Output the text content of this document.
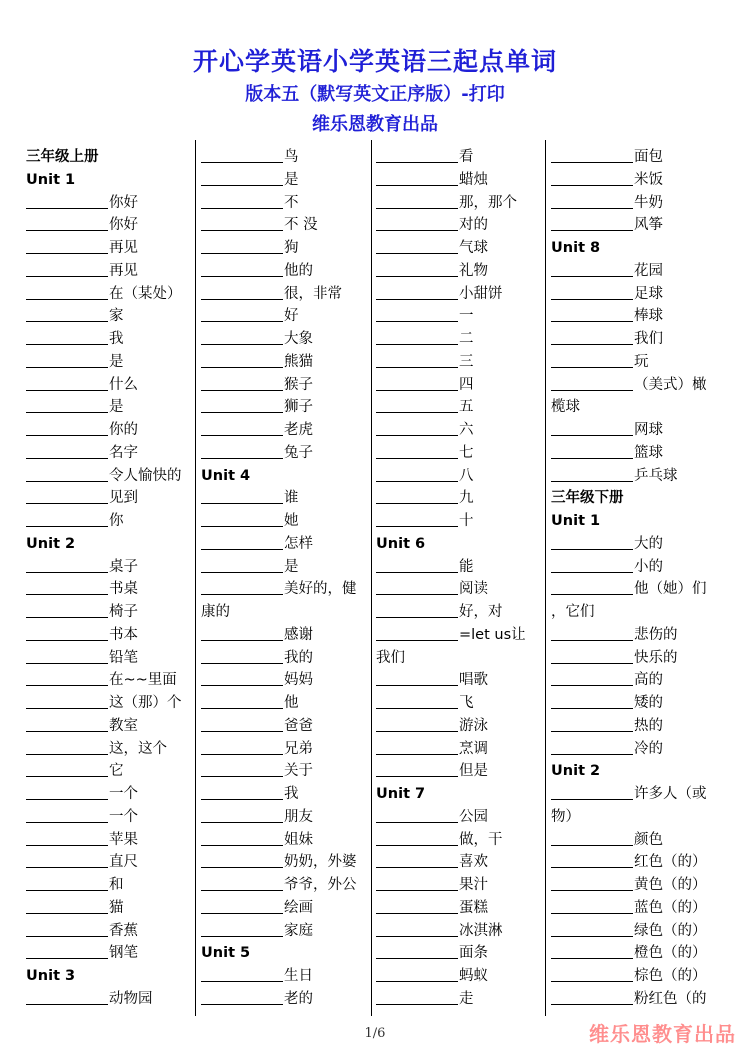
开心学英语小学英语三起点单词
版本五（默写英文正序版）-打印
维乐恩教育出品
三年级上册
Unit 1
你好
你好
再见
再见
在（某处）
家
我
是
什么
是
你的
名字
令人愉快的
见到
你
Unit 2
桌子
书桌
椅子
书本
铅笔
在~~里面
这（那）个
教室
这，这个
它
一个
一个
苹果
直尺
和
猫
香蕉
钢笔
Unit 3
动物园
鸟
是
不
不 没
狗
他的
很，非常
好
大象
熊猫
猴子
狮子
老虎
兔子
Unit 4
谁
她
怎样
是
美好的，健
康的
感谢
我的
妈妈
他
爸爸
兄弟
关于
我
朋友
姐妹
奶奶，外婆
爷爷，外公
绘画
家庭
Unit 5
生日
老的
看
蜡烛
那，那个
对的
气球
礼物
小甜饼
一
二
三
四
五
六
七
八
九
十
Unit 6
能
阅读
好，对
=let us让
我们
唱歌
飞
游泳
烹调
但是
Unit 7
公园
做，干
喜欢
果汁
蛋糕
冰淇淋
面条
蚂蚁
走
面包
米饭
牛奶
风筝
Unit 8
花园
足球
棒球
我们
玩
（美式）橄
榄球
网球
篮球
乒乓球
三年级下册
Unit 1
大的
小的
他（她）们
，它们
悲伤的
快乐的
高的
矮的
热的
冷的
Unit 2
许多人（或
物）
颜色
红色（的）
黄色（的）
蓝色（的）
绿色（的）
橙色（的）
棕色（的）
粉红色（的
1/6	维乐恩教育出品
